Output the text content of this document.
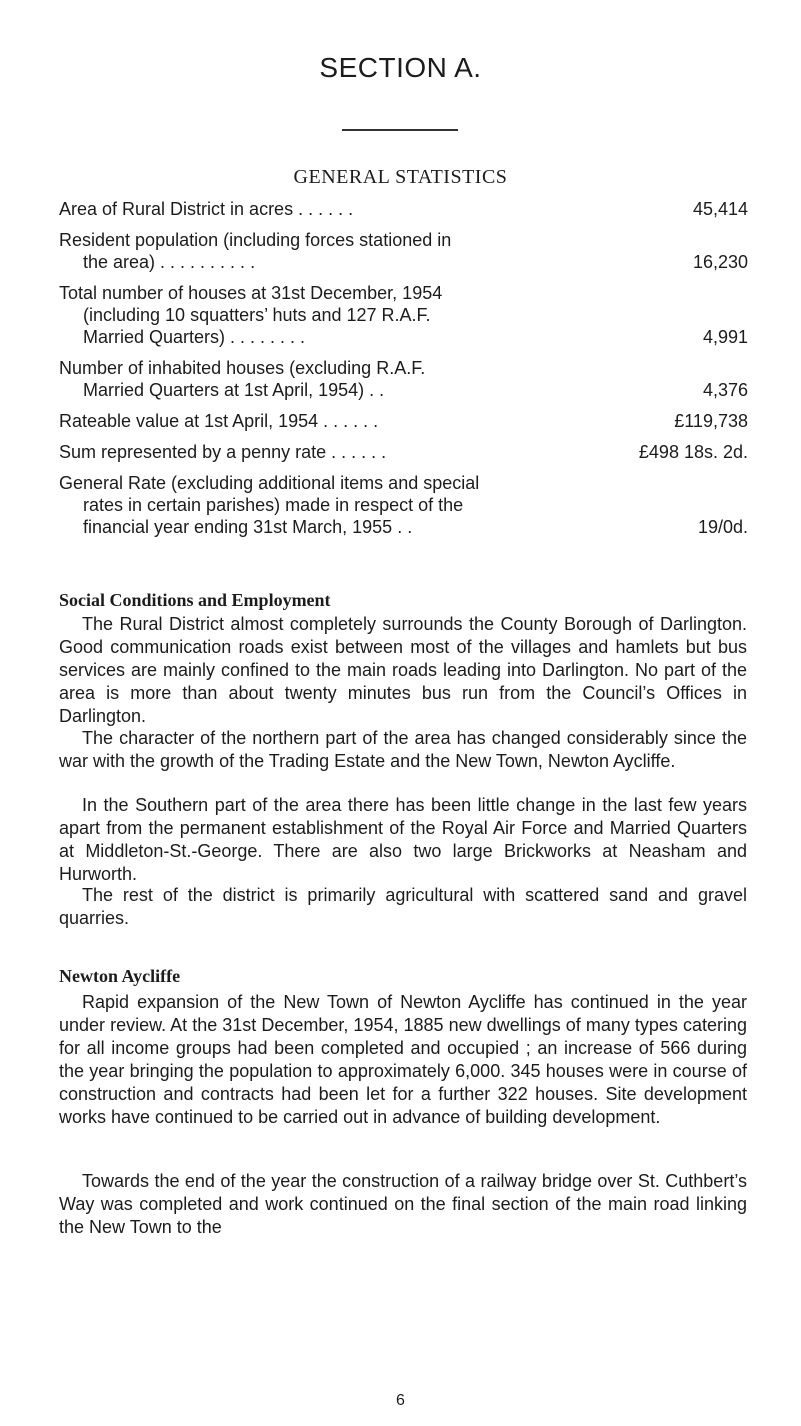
SECTION A.
GENERAL STATISTICS
Area of Rural District in acres . . . . . .	45,414
Resident population (including forces stationed in
the area) . . . . . . . . . .	16,230
Total number of houses at 31st December, 1954
(including 10 squatters’ huts and 127 R.A.F.
Married Quarters) . . . . . . . .	4,991
Number of inhabited houses (excluding R.A.F.
Married Quarters at 1st April, 1954) . .	4,376
Rateable value at 1st April, 1954 . . . . . .	£119,738
Sum represented by a penny rate . . . . . .	£498 18s. 2d.
General Rate (excluding additional items and special
rates in certain parishes) made in respect of the
financial year ending 31st March, 1955 . .	19/0d.
Social Conditions and Employment
The Rural District almost completely surrounds the County Borough of Darlington. Good communication roads exist between most of the villages and hamlets but bus services are mainly confined to the main roads leading into Darlington. No part of the area is more than about twenty minutes bus run from the Council’s Offices in Darlington.
The character of the northern part of the area has changed considerably since the war with the growth of the Trading Estate and the New Town, Newton Aycliffe.
In the Southern part of the area there has been little change in the last few years apart from the permanent establishment of the Royal Air Force and Married Quarters at Middleton-St.-George. There are also two large Brickworks at Neasham and Hurworth.
The rest of the district is primarily agricultural with scattered sand and gravel quarries.
Newton Aycliffe
Rapid expansion of the New Town of Newton Aycliffe has continued in the year under review. At the 31st December, 1954, 1885 new dwellings of many types catering for all income groups had been completed and occupied ; an increase of 566 during the year bringing the population to approximately 6,000. 345 houses were in course of construction and contracts had been let for a further 322 houses. Site development works have continued to be carried out in advance of building development.
Towards the end of the year the construction of a railway bridge over St. Cuthbert’s Way was completed and work continued on the final section of the main road linking the New Town to the
6
